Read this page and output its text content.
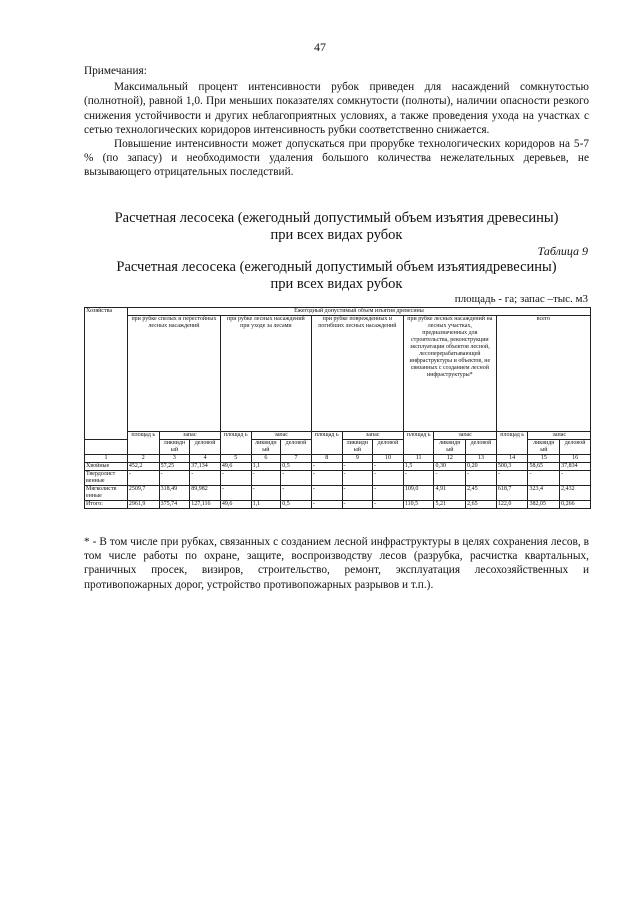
47
Примечания:

Максимальный процент интенсивности рубок приведен для насаждений сомкнутостью (полнотной), равной 1,0. При меньших показателях сомкнутости (полноты), наличии опасности резкого снижения устойчивости и других неблагоприятных условиях, а также проведения ухода на участках с сетью технологических коридоров интенсивность рубки соответственно снижается.

Повышение интенсивности может допускаться при прорубке технологических коридоров на 5-7 % (по запасу) и необходимости удаления большого количества нежелательных деревьев, не вызывающего отрицательных последствий.

Расчетная лесосека (ежегодный допустимый объем изъятия древесины)
при всех видах рубок
Таблица 9
Расчетная лесосека (ежегодный допустимый объем изъятиядревесины)
при всех видах рубок
площадь - га; запас –тыс. м3
Хозяйства	Ежегодный допустимый объем изъятия древесины														
	при рубке спелых и перестойных лесных насаждений			при рубке лесных насаждений при уходе за лесами			при рубке поврежденных и погибших лесных насаждений			при рубке лесных насаждений на лесных участках, предназначенных для строительства, реконструкции эксплуатации объектов лесной, лесоперерабатывающей инфраструктуры и объектов, не связанных с созданием лесной инфраструктуры*			всего		
	площад ь	запас		площад ь	запас		площад ь	запас		площад ь	запас		площад ь	запас	
		ликвидн ый	деловой		ликвидн ый	деловой		ликвидн ый	деловой		ликвидн ый	деловой		ликвидн ый	деловой
1	2	3	4	5	6	7	8	9	10	11	12	13	14	15	16
Хвойные	452,2	57,25	37,134	49,6	1,1	0,5	-	-	-	1,5	0,30	0,20	500,3	58,65	37,834
Твердолист венные	-	-	-	-	-	-	-	-	-	-	-	-	-	-	-
Мягколиств енные	2509,7	318,49	89,982	-	-	-	-	-	-	109,0	4,91	2,45	618,7	323,4	2,432
Итого:	2961,9	375,74	127,116	49,6	1,1	0,5	-	-	-	110,5	5,21	2,65	122,0	382,05	0,266
* - В том числе при рубках, связанных с созданием лесной инфраструктуры в целях сохранения лесов, в том числе работы по охране, защите, воспроизводству лесов (разрубка, расчистка квартальных, граничных просек, визиров, строительство, ремонт, эксплуатация лесохозяйственных и противопожарных дорог, устройство противопожарных разрывов и т.п.).
